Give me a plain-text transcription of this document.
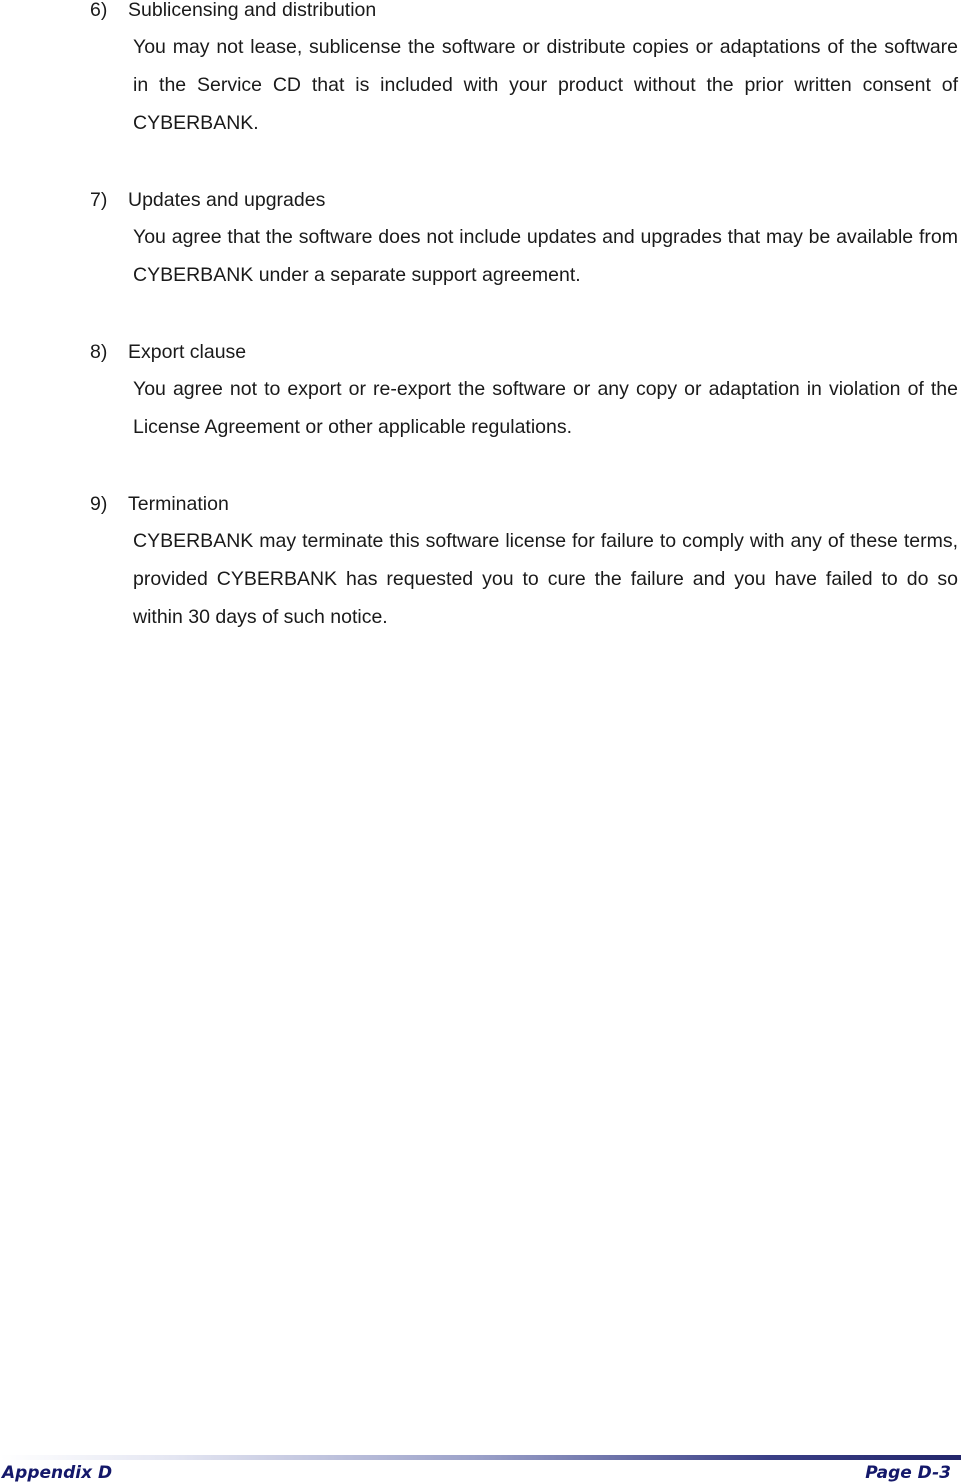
6) Sublicensing and distribution
You may not lease, sublicense the software or distribute copies or adaptations of the software in the Service CD that is included with your product without the prior written consent of CYBERBANK.
7) Updates and upgrades
You agree that the software does not include updates and upgrades that may be available from CYBERBANK under a separate support agreement.
8) Export clause
You agree not to export or re-export the software or any copy or adaptation in violation of the License Agreement or other applicable regulations.
9) Termination
CYBERBANK may terminate this software license for failure to comply with any of these terms, provided CYBERBANK has requested you to cure the failure and you have failed to do so within 30 days of such notice.
Appendix D	Page D-3
